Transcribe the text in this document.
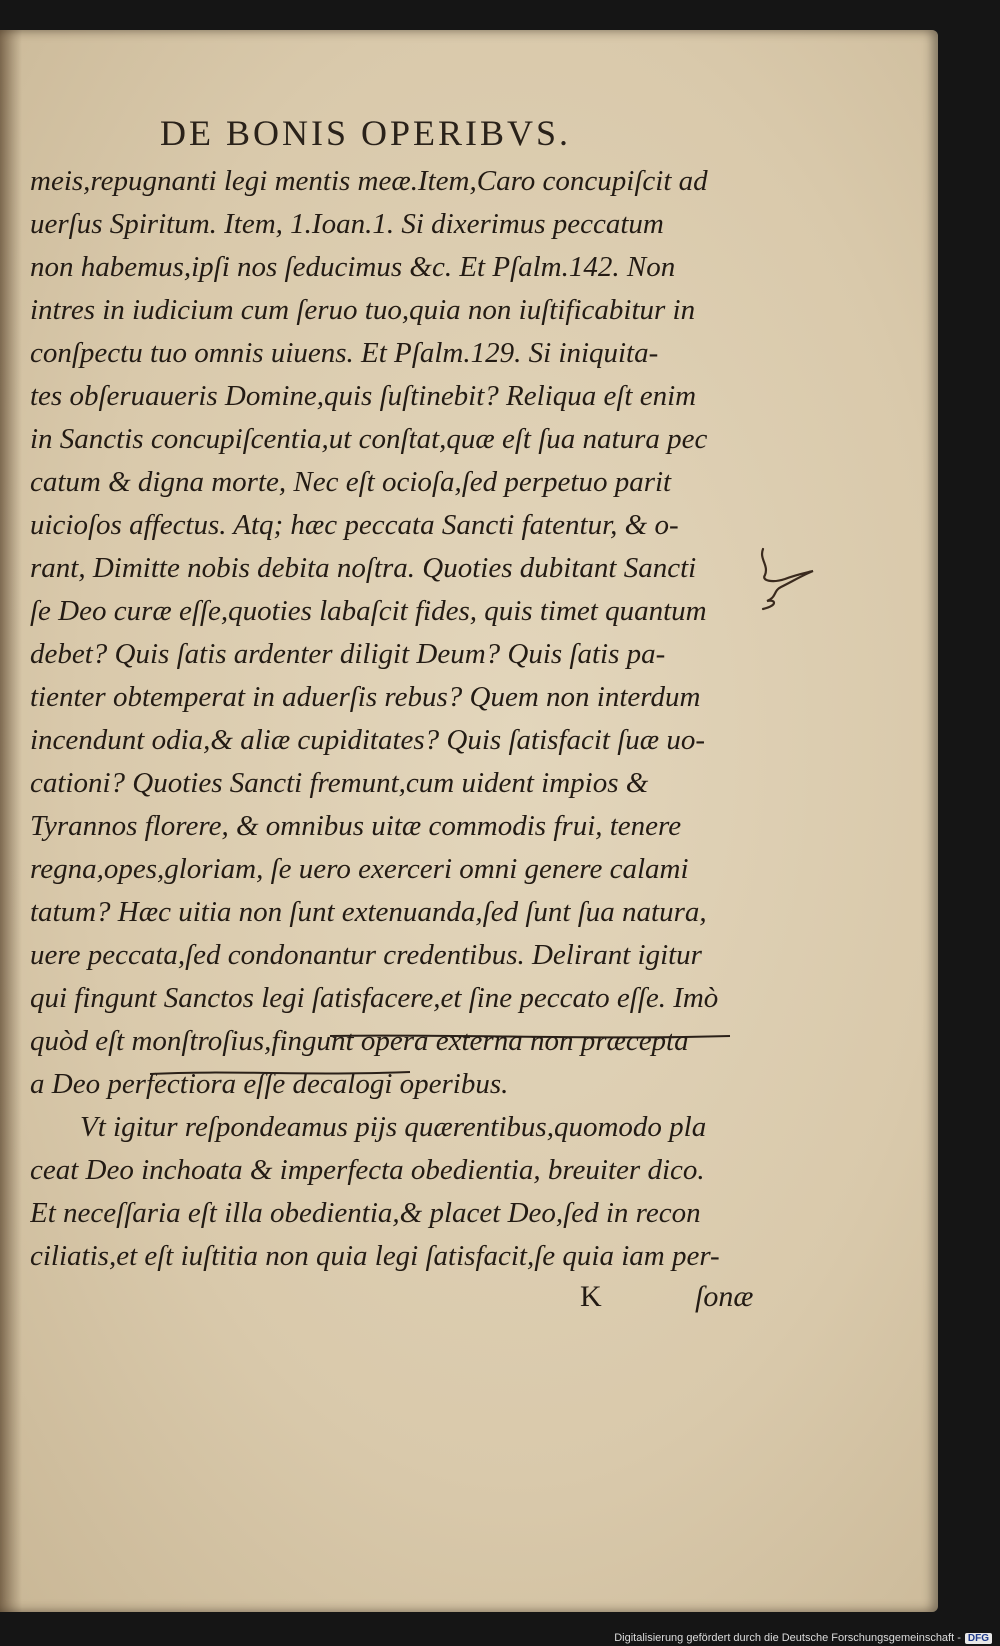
DE BONIS OPERIBVS.
meis,repugnanti legi mentis meæ.Item,Caro concupiſcit ad
uerſus Spiritum. Item, 1.Ioan.1. Si dixerimus peccatum
non habemus,ipſi nos ſeducimus &c. Et Pſalm.142. Non
intres in iudicium cum ſeruo tuo,quia non iuſtificabitur in
conſpectu tuo omnis uiuens. Et Pſalm.129. Si iniquita-
tes obſeruaueris Domine,quis ſuſtinebit? Reliqua eſt enim
in Sanctis concupiſcentia,ut conſtat,quæ eſt ſua natura pec
catum & digna morte, Nec eſt ocioſa,ſed perpetuo parit
uicioſos affectus. Atq; hæc peccata Sancti fatentur, & o-
rant, Dimitte nobis debita noſtra. Quoties dubitant Sancti
ſe Deo curæ eſſe,quoties labaſcit fides, quis timet quantum
debet? Quis ſatis ardenter diligit Deum? Quis ſatis pa-
tienter obtemperat in aduerſis rebus? Quem non interdum
incendunt odia,& aliæ cupiditates? Quis ſatisfacit ſuæ uo-
cationi? Quoties Sancti fremunt,cum uident impios &
Tyrannos florere, & omnibus uitæ commodis frui, tenere
regna,opes,gloriam, ſe uero exerceri omni genere calami
tatum? Hæc uitia non ſunt extenuanda,ſed ſunt ſua natura,
uere peccata,ſed condonantur credentibus. Delirant igitur
qui fingunt Sanctos legi ſatisfacere,et ſine peccato eſſe. Imò
quòd eſt monſtroſius,fingunt opera externa non præcepta
a Deo perfectiora eſſe decalogi operibus.
Vt igitur reſpondeamus pijs quærentibus,quomodo pla
ceat Deo inchoata & imperfecta obedientia, breuiter dico.
Et neceſſaria eſt illa obedientia,& placet Deo,ſed in recon
ciliatis,et eſt iuſtitia non quia legi ſatisfacit,ſe quia iam per-
K	ſonæ
Digitalisierung gefördert durch die Deutsche Forschungsgemeinschaft - DFG
